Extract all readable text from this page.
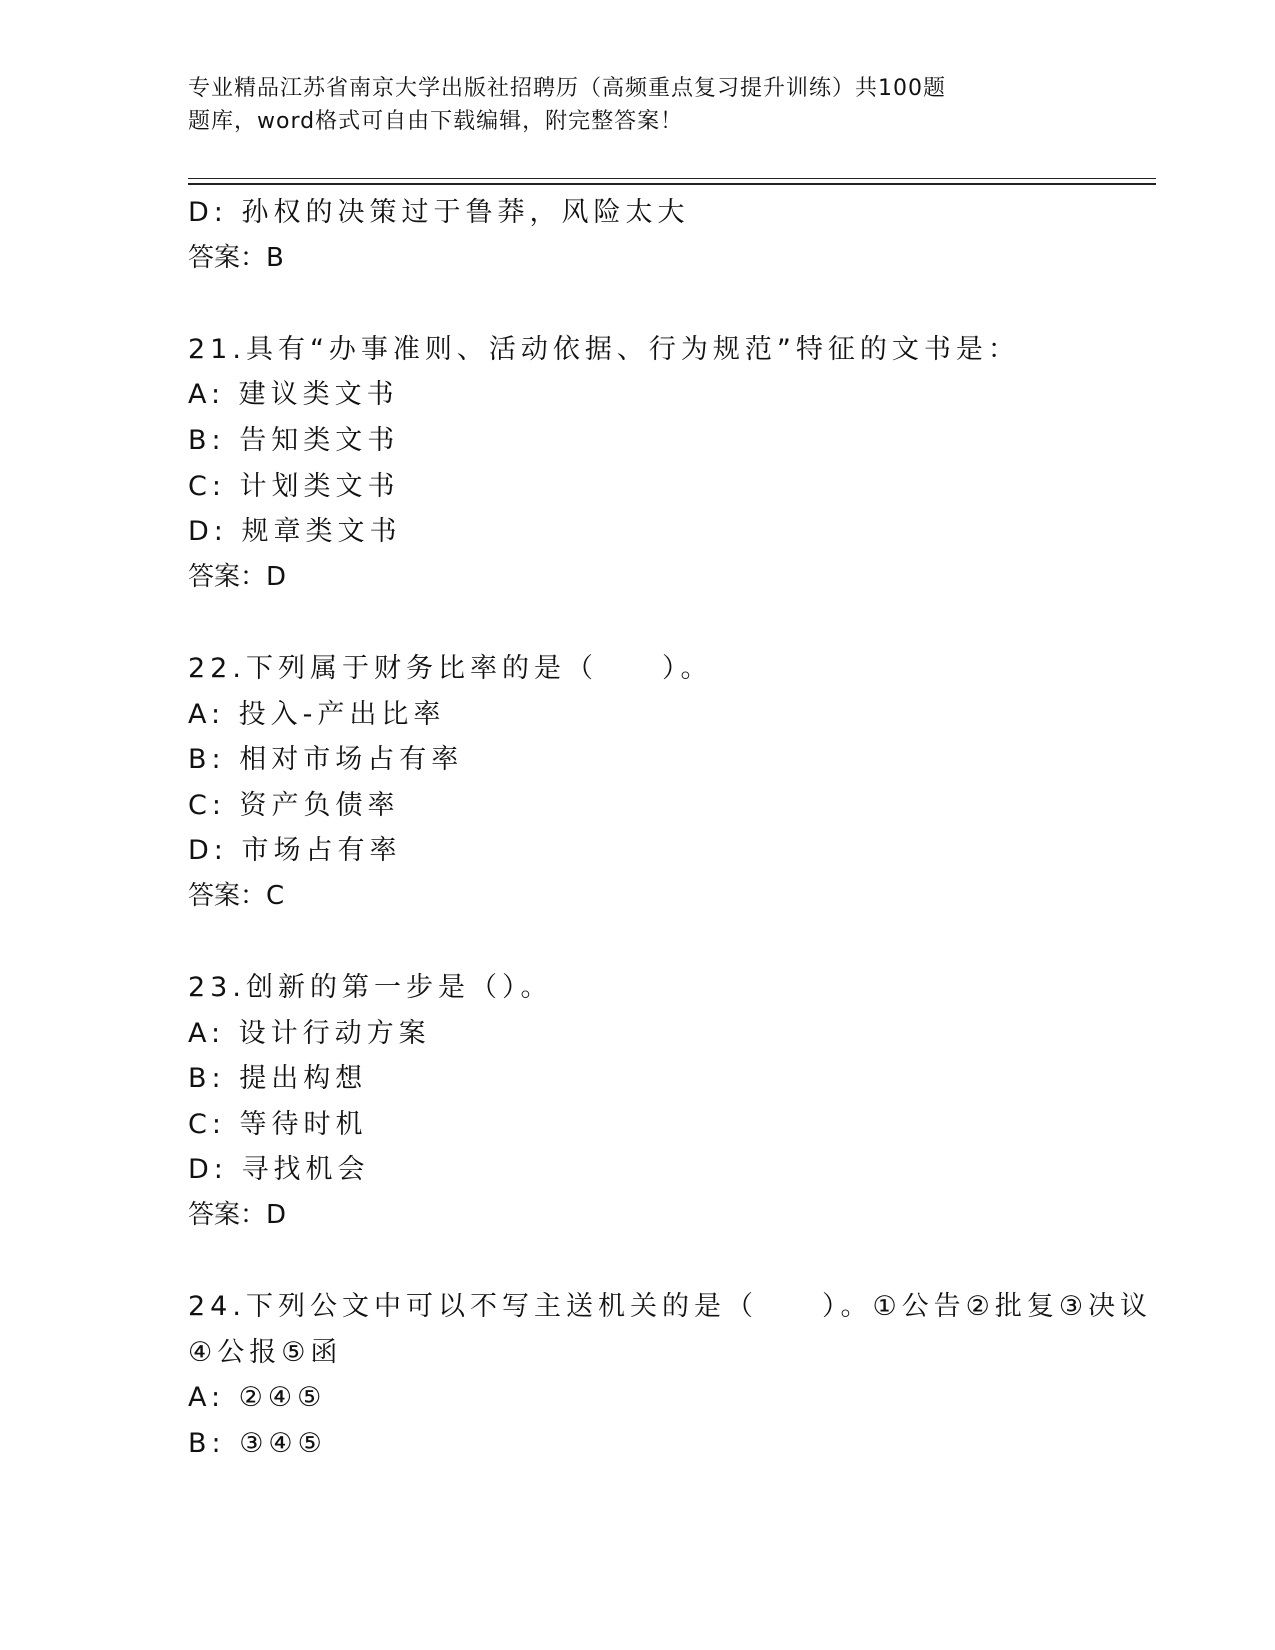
专业精品江苏省南京大学出版社招聘历（高频重点复习提升训练）共100题
题库，word格式可自由下载编辑，附完整答案！
D: 孙权的决策过于鲁莽，风险太大
答案：B
21.具有“办事准则、活动依据、行为规范”特征的文书是：
A: 建议类文书
B: 告知类文书
C: 计划类文书
D: 规章类文书
答案：D
22.下列属于财务比率的是（　　）。
A: 投入-产出比率
B: 相对市场占有率
C: 资产负债率
D: 市场占有率
答案：C
23.创新的第一步是（）。
A: 设计行动方案
B: 提出构想
C: 等待时机
D: 寻找机会
答案：D
24.下列公文中可以不写主送机关的是（　　）。①公告②批复③决议
④公报⑤函
A: ②④⑤
B: ③④⑤
